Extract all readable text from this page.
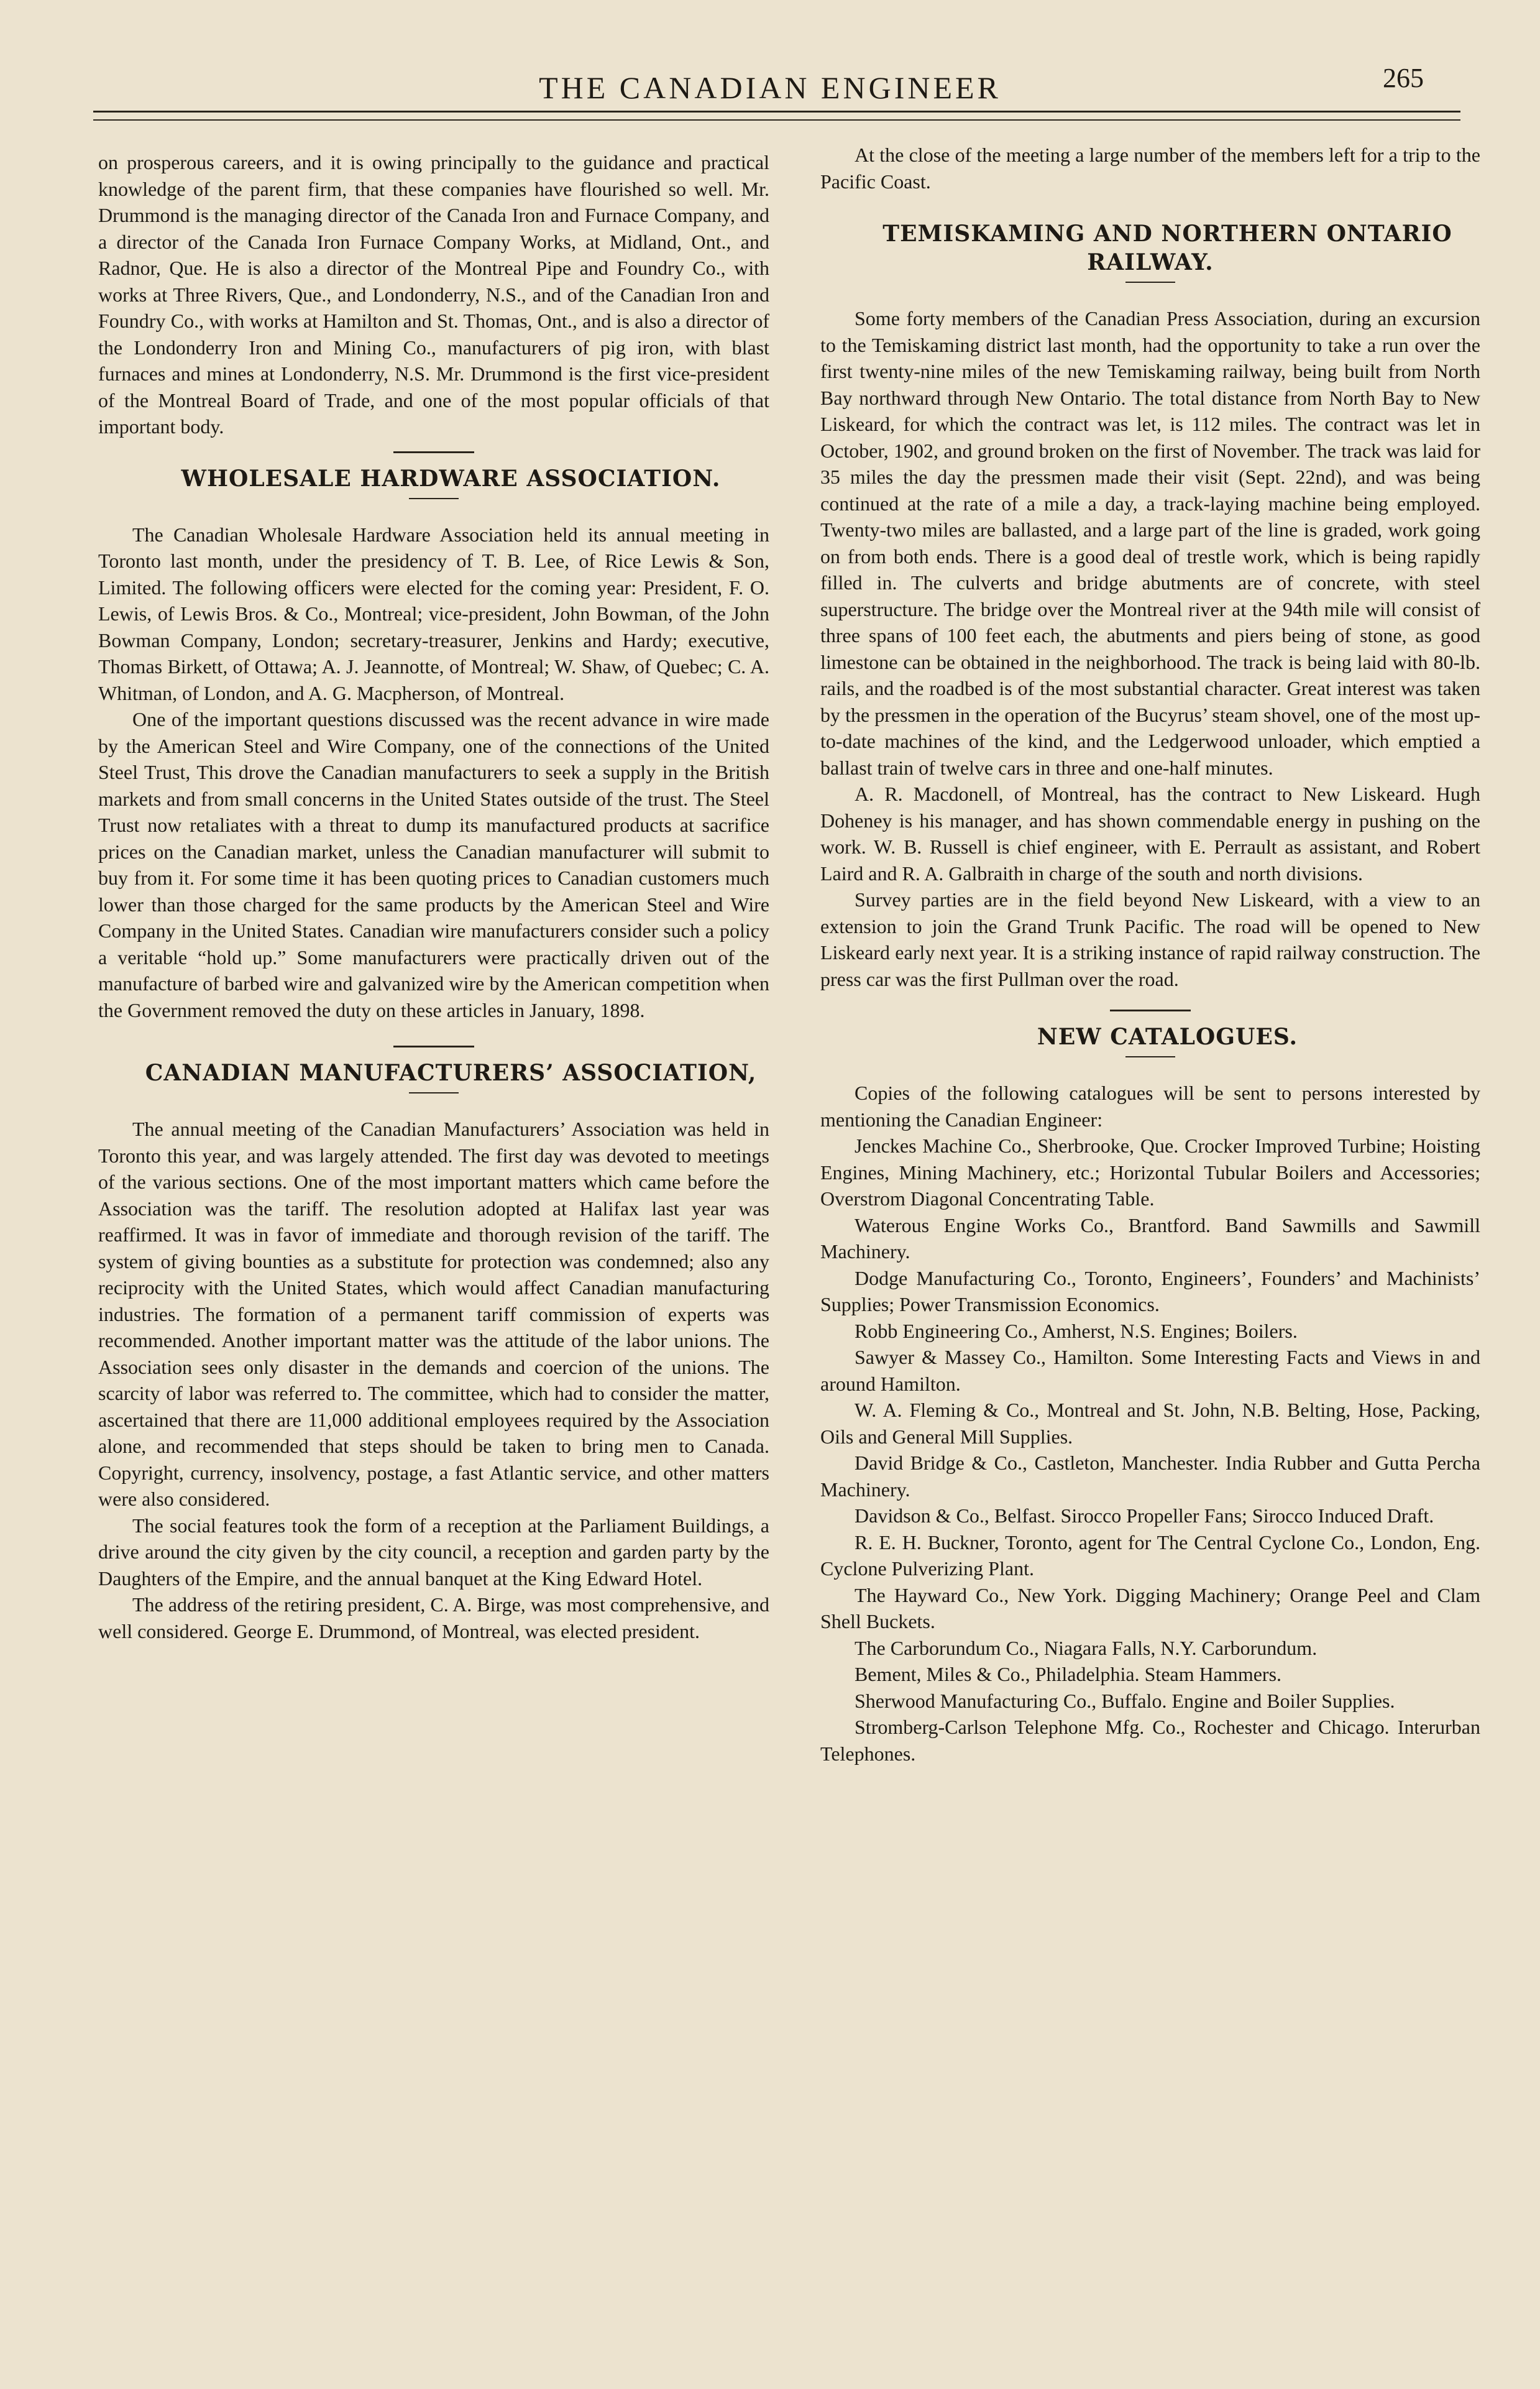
THE CANADIAN ENGINEER	265

on prosperous careers, and it is owing principally to the guidance and practical knowledge of the parent firm, that these companies have flourished so well. Mr. Drummond is the managing director of the Canada Iron and Furnace Company, and a director of the Canada Iron Furnace Company Works, at Midland, Ont., and Radnor, Que. He is also a director of the Montreal Pipe and Foundry Co., with works at Three Rivers, Que., and Londonderry, N.S., and of the Canadian Iron and Foundry Co., with works at Hamilton and St. Thomas, Ont., and is also a director of the Londonderry Iron and Mining Co., manufacturers of pig iron, with blast furnaces and mines at Londonderry, N.S. Mr. Drummond is the first vice-president of the Montreal Board of Trade, and one of the most popular officials of that important body.

WHOLESALE HARDWARE ASSOCIATION.

The Canadian Wholesale Hardware Association held its annual meeting in Toronto last month, under the presidency of T. B. Lee, of Rice Lewis & Son, Limited. The following officers were elected for the coming year: President, F. O. Lewis, of Lewis Bros. & Co., Montreal; vice-president, John Bowman, of the John Bowman Company, London; secretary-treasurer, Jenkins and Hardy; executive, Thomas Birkett, of Ottawa; A. J. Jeannotte, of Montreal; W. Shaw, of Quebec; C. A. Whitman, of London, and A. G. Macpherson, of Montreal.

One of the important questions discussed was the recent advance in wire made by the American Steel and Wire Company, one of the connections of the United Steel Trust, This drove the Canadian manufacturers to seek a supply in the British markets and from small concerns in the United States outside of the trust. The Steel Trust now retaliates with a threat to dump its manufactured products at sacrifice prices on the Canadian market, unless the Canadian manufacturer will submit to buy from it. For some time it has been quoting prices to Canadian customers much lower than those charged for the same products by the American Steel and Wire Company in the United States. Canadian wire manufacturers consider such a policy a veritable “hold up.” Some manufacturers were practically driven out of the manufacture of barbed wire and galvanized wire by the American competition when the Government removed the duty on these articles in January, 1898.

CANADIAN MANUFACTURERS’ ASSOCIATION,

The annual meeting of the Canadian Manufacturers’ Association was held in Toronto this year, and was largely attended. The first day was devoted to meetings of the various sections. One of the most important matters which came before the Association was the tariff. The resolution adopted at Halifax last year was reaffirmed. It was in favor of immediate and thorough revision of the tariff. The system of giving bounties as a substitute for protection was condemned; also any reciprocity with the United States, which would affect Canadian manufacturing industries. The formation of a permanent tariff commission of experts was recommended. Another important matter was the attitude of the labor unions. The Association sees only disaster in the demands and coercion of the unions. The scarcity of labor was referred to. The committee, which had to consider the matter, ascertained that there are 11,000 additional employees required by the Association alone, and recommended that steps should be taken to bring men to Canada. Copyright, currency, insolvency, postage, a fast Atlantic service, and other matters were also considered.

The social features took the form of a reception at the Parliament Buildings, a drive around the city given by the city council, a reception and garden party by the Daughters of the Empire, and the annual banquet at the King Edward Hotel.

The address of the retiring president, C. A. Birge, was most comprehensive, and well considered. George E. Drummond, of Montreal, was elected president.

At the close of the meeting a large number of the members left for a trip to the Pacific Coast.

TEMISKAMING AND NORTHERN ONTARIO RAILWAY.

Some forty members of the Canadian Press Association, during an excursion to the Temiskaming district last month, had the opportunity to take a run over the first twenty-nine miles of the new Temiskaming railway, being built from North Bay northward through New Ontario. The total distance from North Bay to New Liskeard, for which the contract was let, is 112 miles. The contract was let in October, 1902, and ground broken on the first of November. The track was laid for 35 miles the day the pressmen made their visit (Sept. 22nd), and was being continued at the rate of a mile a day, a track-laying machine being employed. Twenty-two miles are ballasted, and a large part of the line is graded, work going on from both ends. There is a good deal of trestle work, which is being rapidly filled in. The culverts and bridge abutments are of concrete, with steel superstructure. The bridge over the Montreal river at the 94th mile will consist of three spans of 100 feet each, the abutments and piers being of stone, as good limestone can be obtained in the neighborhood. The track is being laid with 80-lb. rails, and the roadbed is of the most substantial character. Great interest was taken by the pressmen in the operation of the Bucyrus’ steam shovel, one of the most up-to-date machines of the kind, and the Ledgerwood unloader, which emptied a ballast train of twelve cars in three and one-half minutes.

A. R. Macdonell, of Montreal, has the contract to New Liskeard. Hugh Doheney is his manager, and has shown commendable energy in pushing on the work. W. B. Russell is chief engineer, with E. Perrault as assistant, and Robert Laird and R. A. Galbraith in charge of the south and north divisions.

Survey parties are in the field beyond New Liskeard, with a view to an extension to join the Grand Trunk Pacific. The road will be opened to New Liskeard early next year. It is a striking instance of rapid railway construction. The press car was the first Pullman over the road.

NEW CATALOGUES.

Copies of the following catalogues will be sent to persons interested by mentioning the Canadian Engineer:

Jenckes Machine Co., Sherbrooke, Que. Crocker Improved Turbine; Hoisting Engines, Mining Machinery, etc.; Horizontal Tubular Boilers and Accessories; Overstrom Diagonal Concentrating Table.

Waterous Engine Works Co., Brantford. Band Sawmills and Sawmill Machinery.

Dodge Manufacturing Co., Toronto, Engineers’, Founders’ and Machinists’ Supplies; Power Transmission Economics.

Robb Engineering Co., Amherst, N.S. Engines; Boilers.

Sawyer & Massey Co., Hamilton. Some Interesting Facts and Views in and around Hamilton.

W. A. Fleming & Co., Montreal and St. John, N.B. Belting, Hose, Packing, Oils and General Mill Supplies.

David Bridge & Co., Castleton, Manchester. India Rubber and Gutta Percha Machinery.

Davidson & Co., Belfast. Sirocco Propeller Fans; Sirocco Induced Draft.

R. E. H. Buckner, Toronto, agent for The Central Cyclone Co., London, Eng. Cyclone Pulverizing Plant.

The Hayward Co., New York. Digging Machinery; Orange Peel and Clam Shell Buckets.

The Carborundum Co., Niagara Falls, N.Y. Carborundum.

Bement, Miles & Co., Philadelphia. Steam Hammers.

Sherwood Manufacturing Co., Buffalo. Engine and Boiler Supplies.

Stromberg-Carlson Telephone Mfg. Co., Rochester and Chicago. Interurban Telephones.
